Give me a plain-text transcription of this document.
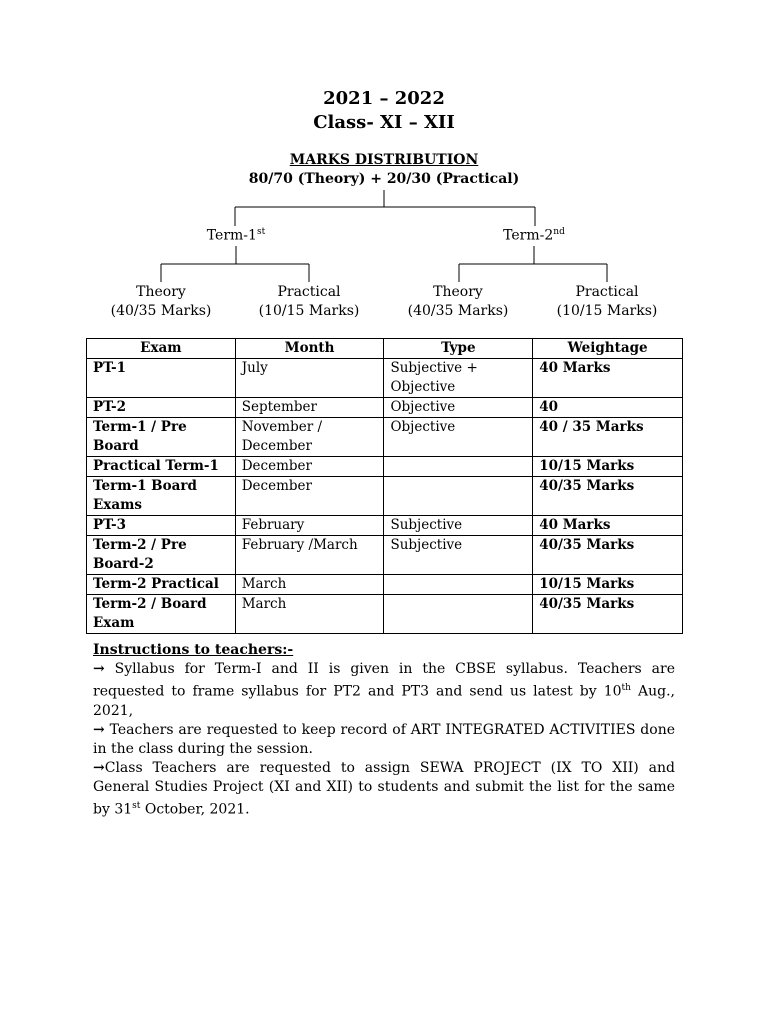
2021 – 2022
Class- XI – XII
MARKS DISTRIBUTION
80/70 (Theory) + 20/30 (Practical)
Term-1st	Term-2nd
Theory
(40/35 Marks)
Practical
(10/15 Marks)
Theory
(40/35 Marks)
Practical
(10/15 Marks)
Exam	Month	Type	Weightage
PT-1	July	Subjective + Objective	40 Marks
PT-2	September	Objective	40
Term-1 / Pre Board	November / December	Objective	40 / 35 Marks
Practical Term-1	December		10/15 Marks
Term-1 Board Exams	December		40/35 Marks
PT-3	February	Subjective	40 Marks
Term-2 / Pre Board-2	February /March	Subjective	40/35 Marks
Term-2 Practical	March		10/15 Marks
Term-2 / Board Exam	March		40/35 Marks
Instructions to teachers:-
→ Syllabus for Term-I and II is given in the CBSE syllabus. Teachers are requested to frame syllabus for PT2 and PT3 and send us latest by 10th Aug., 2021,
→ Teachers are requested to keep record of ART INTEGRATED ACTIVITIES done in the class during the session.
→Class Teachers are requested to assign SEWA PROJECT (IX TO XII) and General Studies Project (XI and XII) to students and submit the list for the same by 31st October, 2021.
